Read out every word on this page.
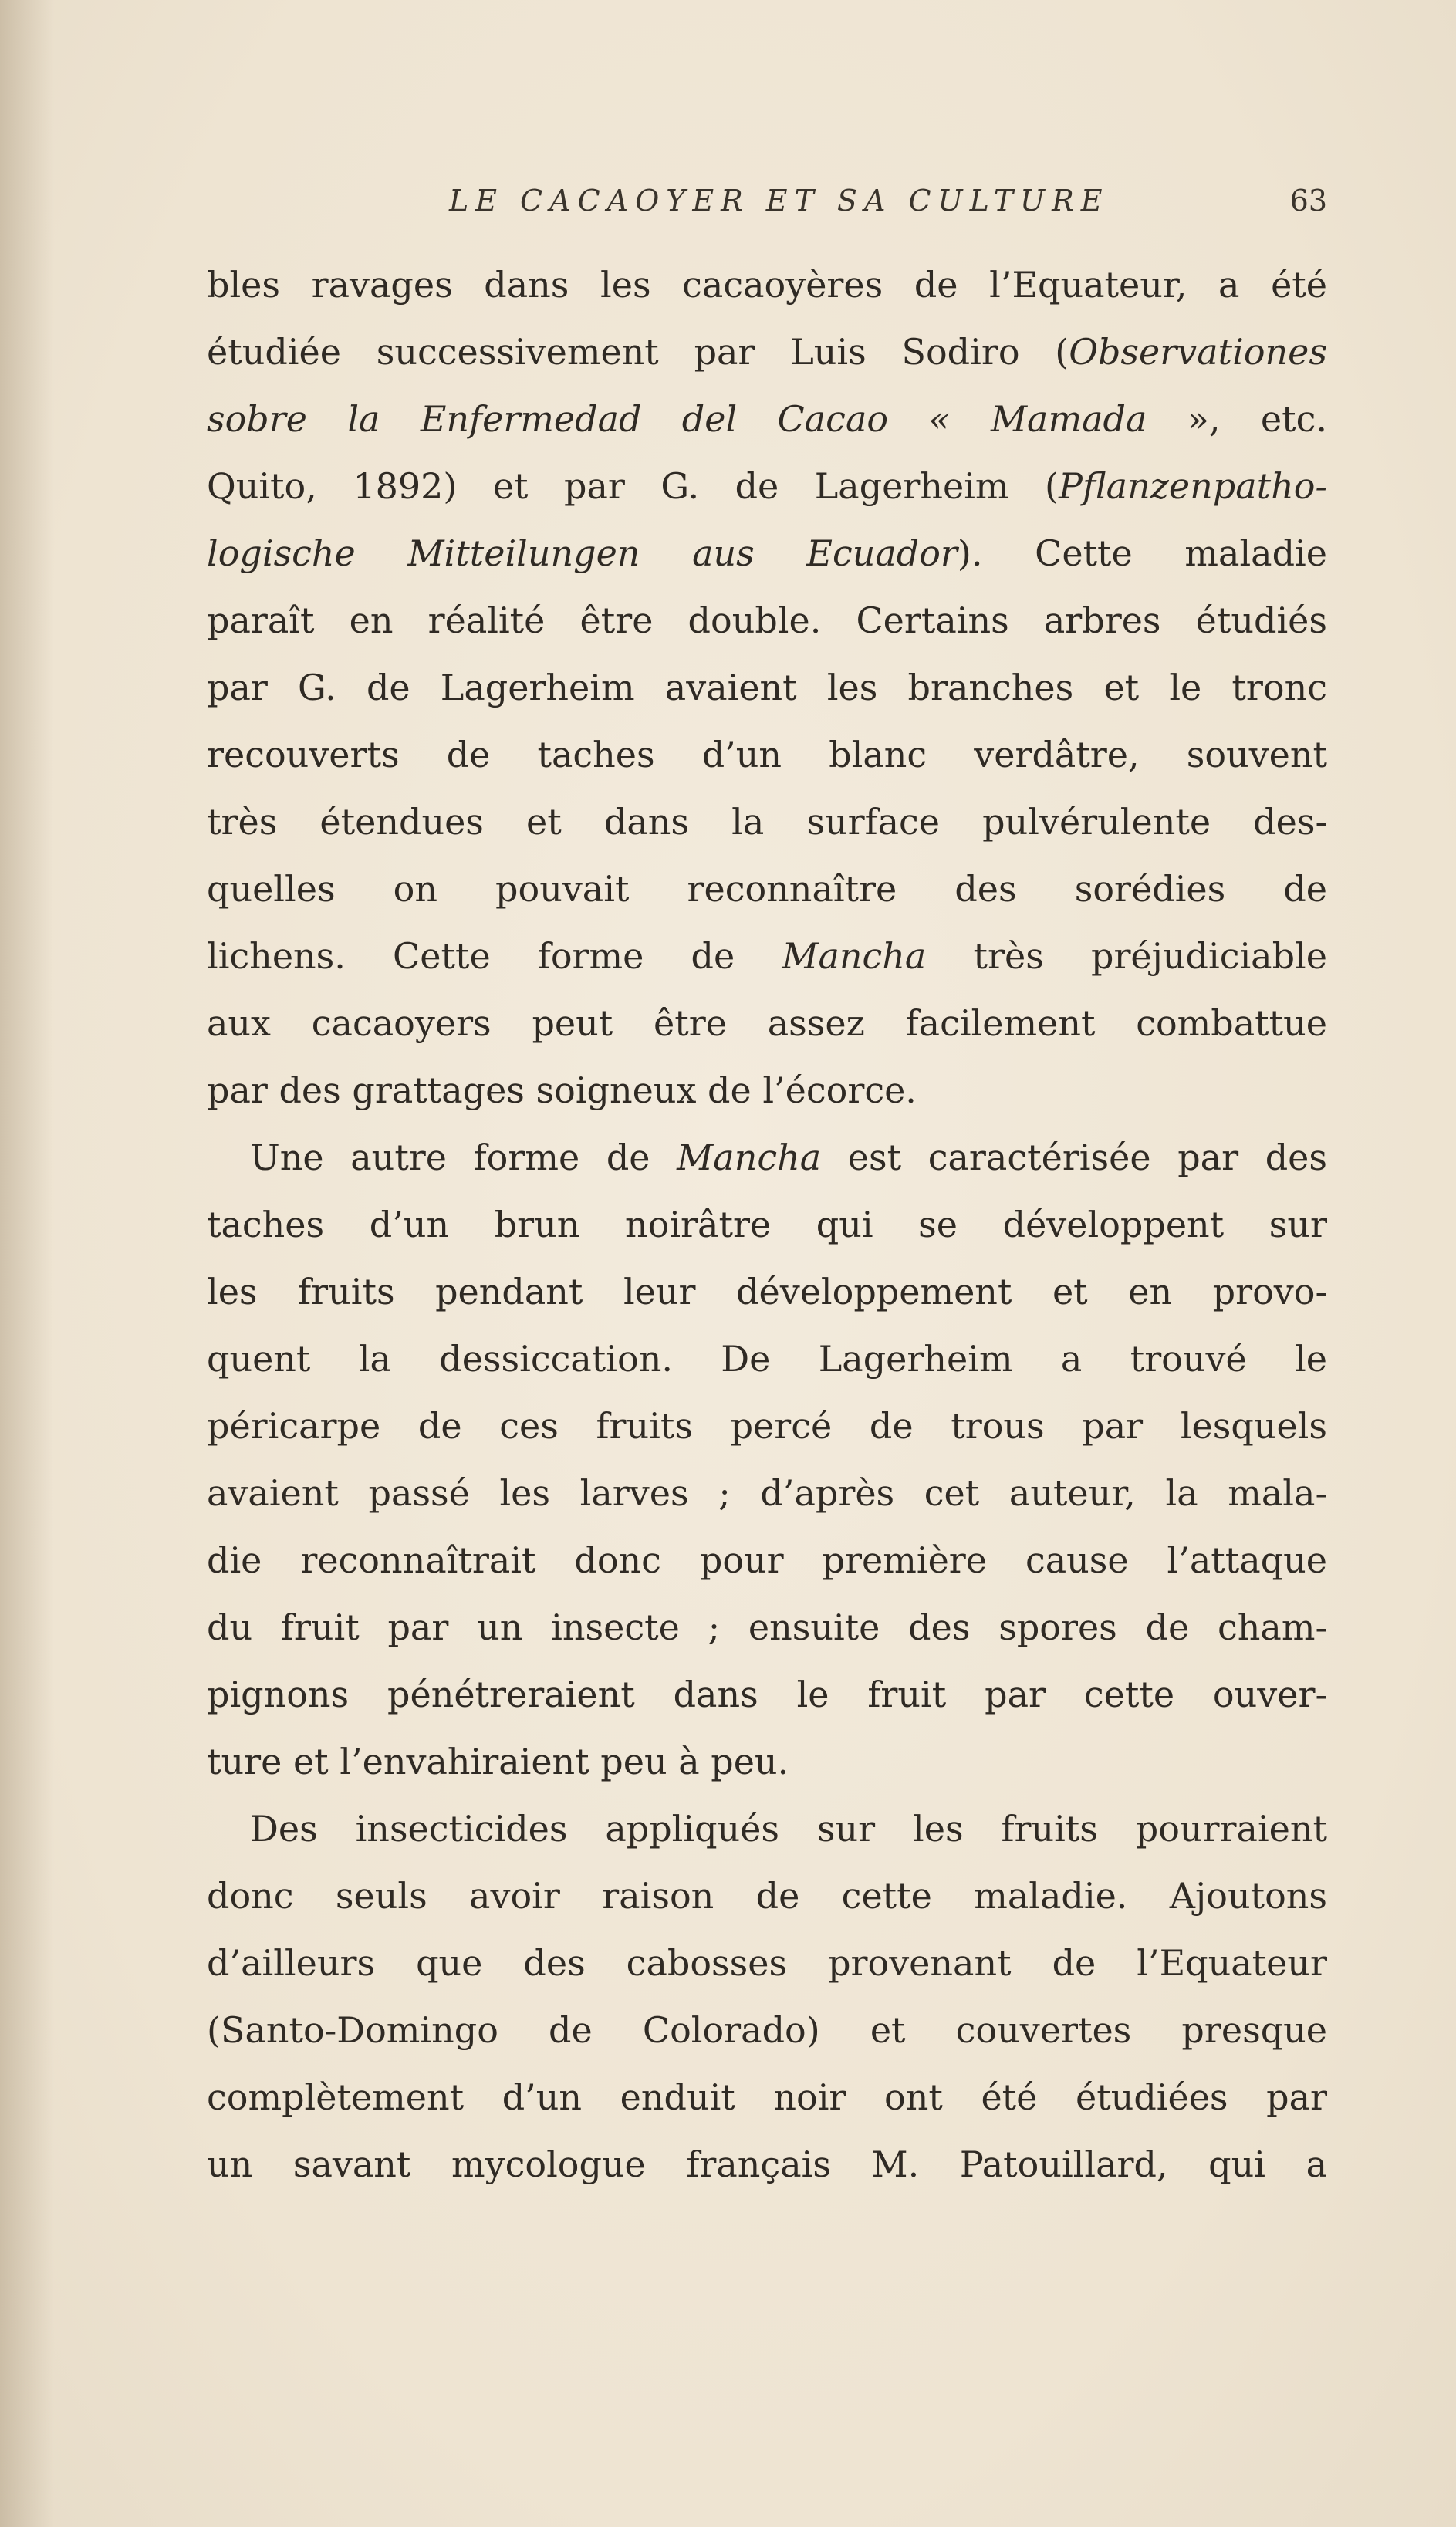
LE CACAOYER ET SA CULTURE	63
bles ravages dans les cacaoyères de l’Equateur, a été
étudiée successivement par Luis Sodiro (Observationes
sobre la Enfermedad del Cacao « Mamada », etc.
Quito, 1892) et par G. de Lagerheim (Pflanzenpatho-
logische Mitteilungen aus Ecuador). Cette maladie
paraît en réalité être double. Certains arbres étudiés
par G. de Lagerheim avaient les branches et le tronc
recouverts de taches d’un blanc verdâtre, souvent
très étendues et dans la surface pulvérulente des-
quelles on pouvait reconnaître des sorédies de
lichens. Cette forme de Mancha très préjudiciable
aux cacaoyers peut être assez facilement combattue
par des grattages soigneux de l’écorce.
Une autre forme de Mancha est caractérisée par des
taches d’un brun noirâtre qui se développent sur
les fruits pendant leur développement et en provo-
quent la dessiccation. De Lagerheim a trouvé le
péricarpe de ces fruits percé de trous par lesquels
avaient passé les larves ; d’après cet auteur, la mala-
die reconnaîtrait donc pour première cause l’attaque
du fruit par un insecte ; ensuite des spores de cham-
pignons pénétreraient dans le fruit par cette ouver-
ture et l’envahiraient peu à peu.
Des insecticides appliqués sur les fruits pourraient
donc seuls avoir raison de cette maladie. Ajoutons
d’ailleurs que des cabosses provenant de l’Equateur
(Santo-Domingo de Colorado) et couvertes presque
complètement d’un enduit noir ont été étudiées par
un savant mycologue français M. Patouillard, qui a
